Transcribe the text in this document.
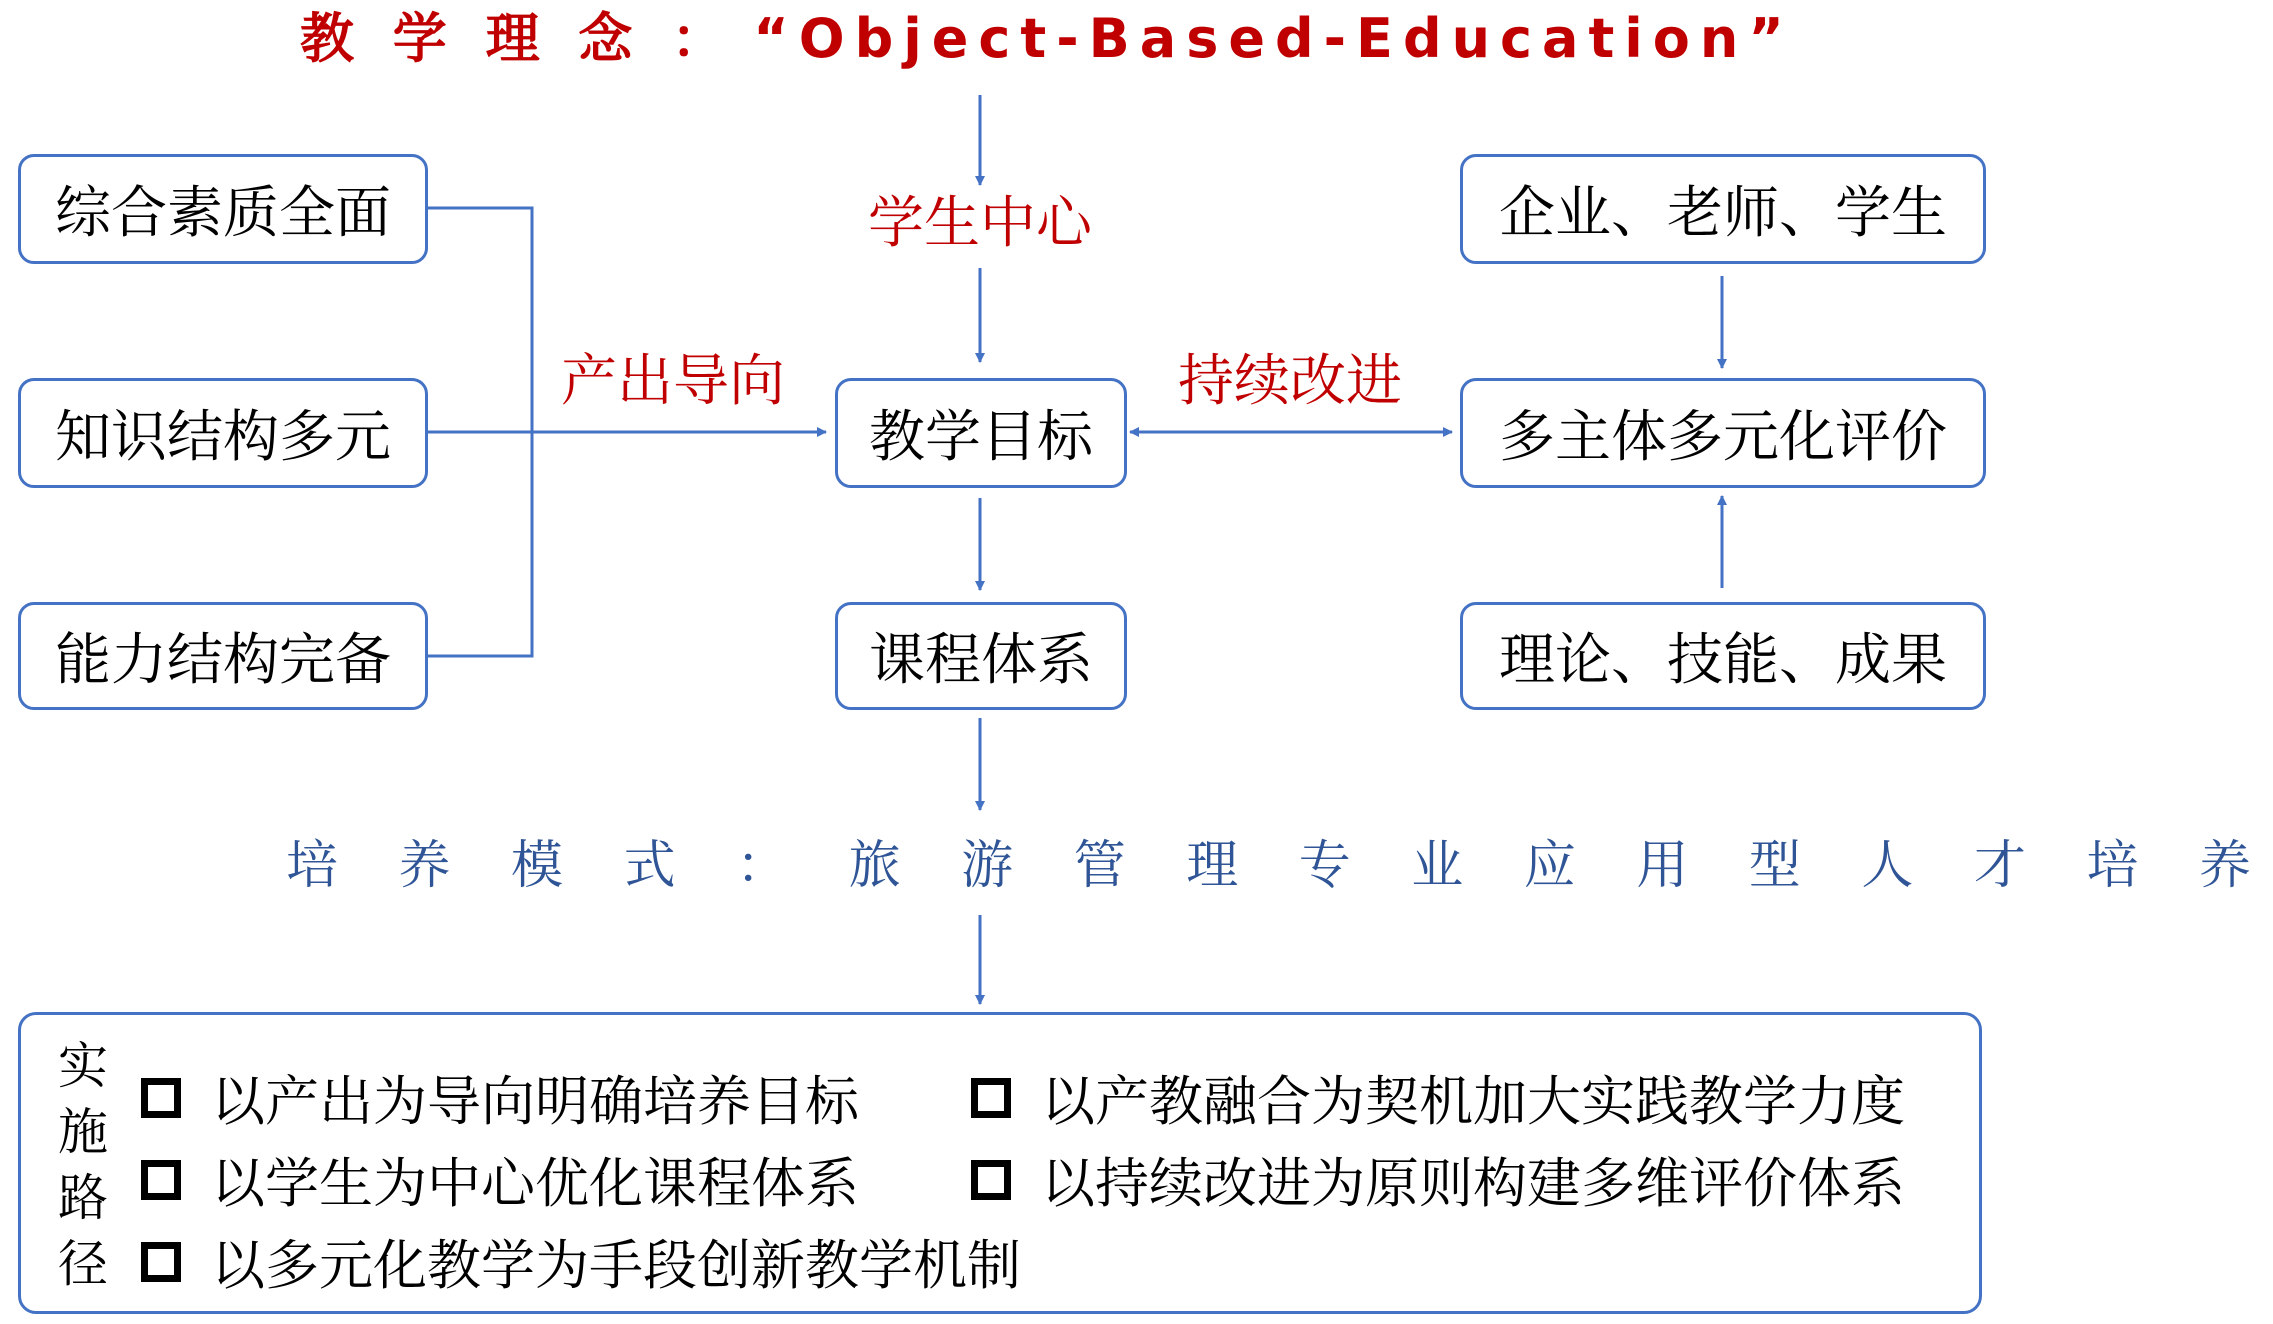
教 学 理 念 ： “Object-Based-Education”
学生中心
教学目标
课程体系
综合素质全面
知识结构多元
能力结构完备
产出导向
企业、老师、学生
多主体多元化评价
理论、技能、成果
持续改进
培 养 模 式 ： 旅 游 管 理 专 业 应 用 型 人 才 培 养
实
施
路
径
以产出为导向明确培养目标	以产教融合为契机加大实践教学力度
以学生为中心优化课程体系	以持续改进为原则构建多维评价体系
以多元化教学为手段创新教学机制
